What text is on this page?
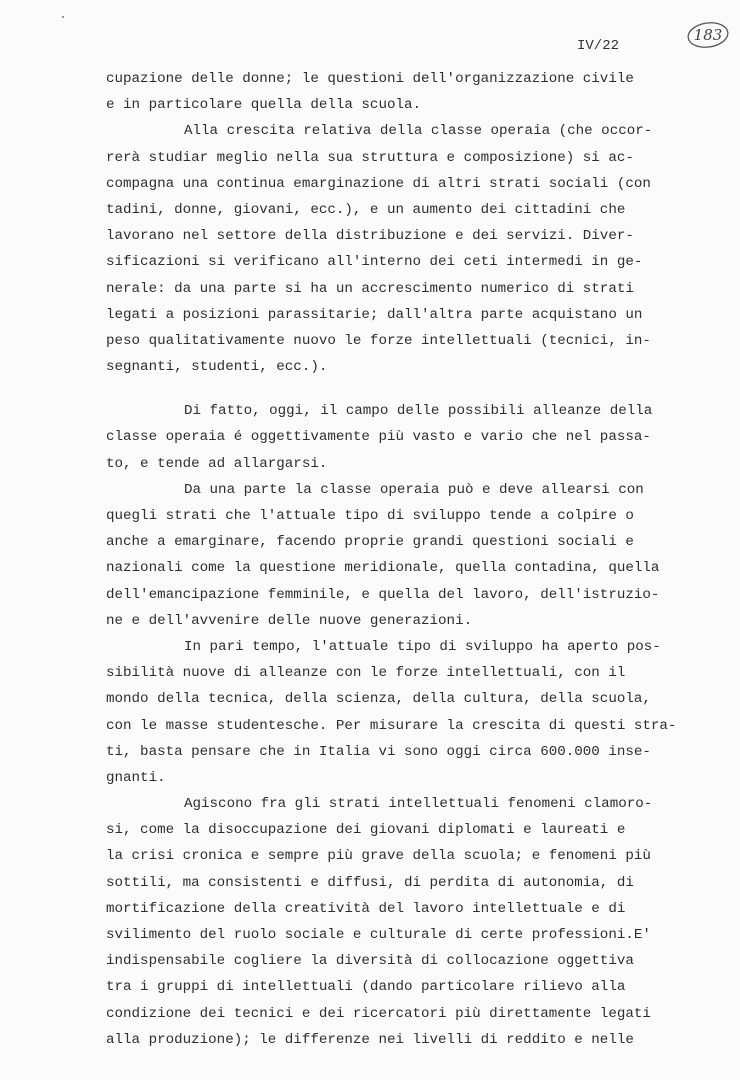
IV/22
183
cupazione delle donne; le questioni dell'organizzazione civile
e in particolare quella della scuola.
Alla crescita relativa della classe operaia (che occor-
rerà studiar meglio nella sua struttura e composizione) si ac-
compagna una continua emarginazione di altri strati sociali (con
tadini, donne, giovani, ecc.), e un aumento dei cittadini che
lavorano nel settore della distribuzione e dei servizi. Diver-
sificazioni si verificano all'interno dei ceti intermedi in ge-
nerale: da una parte si ha un accrescimento numerico di strati
legati a posizioni parassitarie; dall'altra parte acquistano un
peso qualitativamente nuovo le forze intellettuali (tecnici, in-
segnanti, studenti, ecc.).
Di fatto, oggi, il campo delle possibili alleanze della
classe operaia é oggettivamente più vasto e vario che nel passa-
to, e tende ad allargarsi.
Da una parte la classe operaia può e deve allearsi con
quegli strati che l'attuale tipo di sviluppo tende a colpire o
anche a emarginare, facendo proprie grandi questioni sociali e
nazionali come la questione meridionale, quella contadina, quella
dell'emancipazione femminile, e quella del lavoro, dell'istruzio-
ne e dell'avvenire delle nuove generazioni.
In pari tempo, l'attuale tipo di sviluppo ha aperto pos-
sibilità nuove di alleanze con le forze intellettuali, con il
mondo della tecnica, della scienza, della cultura, della scuola,
con le masse studentesche. Per misurare la crescita di questi stra-
ti, basta pensare che in Italia vi sono oggi circa 600.000 inse-
gnanti.
Agiscono fra gli strati intellettuali fenomeni clamoro-
si, come la disoccupazione dei giovani diplomati e laureati e
la crisi cronica e sempre più grave della scuola; e fenomeni più
sottili, ma consistenti e diffusi, di perdita di autonomia, di
mortificazione della creatività del lavoro intellettuale e di
svilimento del ruolo sociale e culturale di certe professioni.E'
indispensabile cogliere la diversità di collocazione oggettiva
tra i gruppi di intellettuali (dando particolare rilievo alla
condizione dei tecnici e dei ricercatori più direttamente legati
alla produzione); le differenze nei livelli di reddito e nelle
